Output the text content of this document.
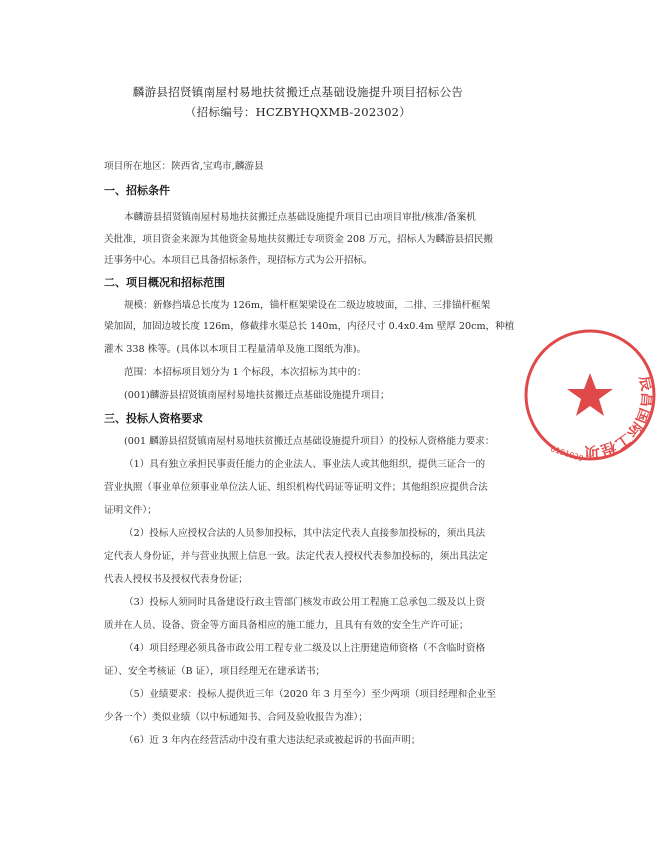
麟游县招贤镇南屋村易地扶贫搬迁点基础设施提升项目招标公告
（招标编号：HCZBYHQXMB-202302）
项目所在地区：陕西省,宝鸡市,麟游县
一、招标条件
本麟游县招贤镇南屋村易地扶贫搬迁点基础设施提升项目已由项目审批/核准/备案机
关批准，项目资金来源为其他资金易地扶贫搬迁专项资金 208 万元，招标人为麟游县招民搬
迁事务中心。本项目已具备招标条件，现招标方式为公开招标。
二、项目概况和招标范围
规模：新修挡墙总长度为 126m，锚杆框架梁设在二级边坡坡面，二排、三排锚杆框架
梁加固，加固边坡长度 126m，修截排水渠总长 140m，内径尺寸 0.4x0.4m 壁厚 20cm，种植
灌木 338 株等。(具体以本项目工程量清单及施工图纸为准)。
范围：本招标项目划分为 1 个标段，本次招标为其中的：
(001)麟游县招贤镇南屋村易地扶贫搬迁点基础设施提升项目；
三、投标人资格要求
(001 麟游县招贤镇南屋村易地扶贫搬迁点基础设施提升项目）的投标人资格能力要求：
（1）具有独立承担民事责任能力的企业法人、事业法人或其他组织，提供三证合一的
营业执照（事业单位须事业单位法人证、组织机构代码证等证明文件；其他组织应提供合法
证明文件）；
（2）投标人应授权合法的人员参加投标，其中法定代表人直接参加投标的，须出具法
定代表人身份证，并与营业执照上信息一致。法定代表人授权代表参加投标的，须出具法定
代表人授权书及授权代表身份证；
（3）投标人须同时具备建设行政主管部门核发市政公用工程施工总承包二级及以上资
质并在人员、设备、资金等方面具备相应的施工能力，且具有有效的安全生产许可证；
（4）项目经理必须具备市政公用工程专业二级及以上注册建造师资格（不含临时资格
证）、安全考核证（B 证），项目经理无在建承诺书；
（5）业绩要求：投标人提供近三年（2020 年 3 月至今）至少两项（项目经理和企业至
少各一个）类似业绩（以中标通知书、合同及验收报告为准）；
（6）近 3 年内在经营活动中没有重大违法纪录或被起诉的书面声明；
辰昌国际工程项
6101030
